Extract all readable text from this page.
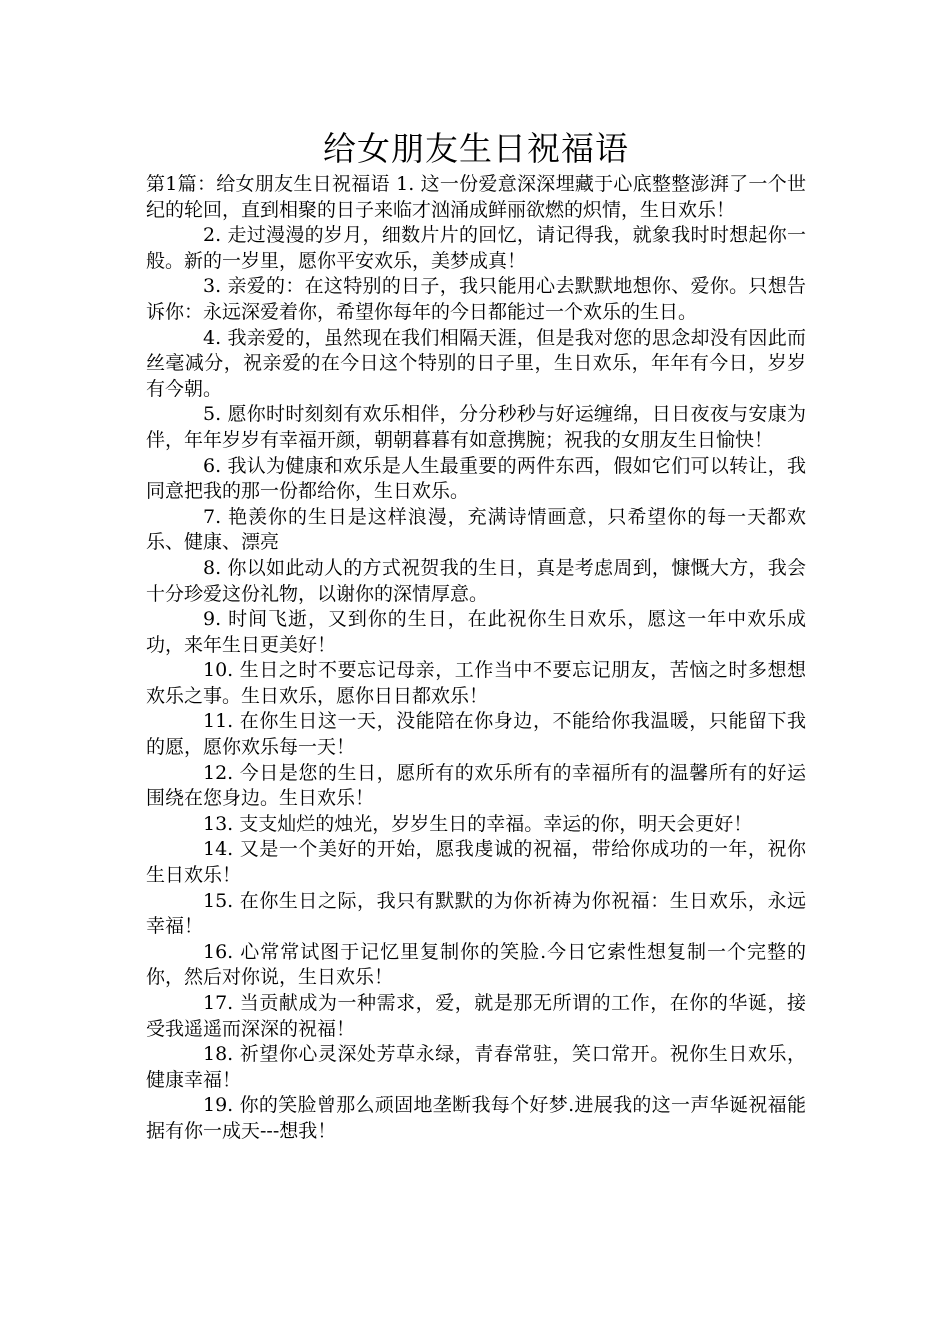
给女朋友生日祝福语

第1篇：给女朋友生日祝福语 1. 这一份爱意深深埋藏于心底整整澎湃了一个世纪的轮回，直到相聚的日子来临才汹涌成鲜丽欲燃的炽情，生日欢乐！

2. 走过漫漫的岁月，细数片片的回忆，请记得我，就象我时时想起你一般。新的一岁里，愿你平安欢乐，美梦成真！

3. 亲爱的：在这特别的日子，我只能用心去默默地想你、爱你。只想告诉你：永远深爱着你，希望你每年的今日都能过一个欢乐的生日。

4. 我亲爱的，虽然现在我们相隔天涯，但是我对您的思念却没有因此而丝毫减分，祝亲爱的在今日这个特别的日子里，生日欢乐，年年有今日，岁岁有今朝。

5. 愿你时时刻刻有欢乐相伴，分分秒秒与好运缠绵，日日夜夜与安康为伴，年年岁岁有幸福开颜，朝朝暮暮有如意携腕；祝我的女朋友生日愉快！

6. 我认为健康和欢乐是人生最重要的两件东西，假如它们可以转让，我同意把我的那一份都给你，生日欢乐。

7. 艳羡你的生日是这样浪漫，充满诗情画意，只希望你的每一天都欢乐、健康、漂亮

8. 你以如此动人的方式祝贺我的生日，真是考虑周到，慷慨大方，我会十分珍爱这份礼物，以谢你的深情厚意。

9. 时间飞逝，又到你的生日，在此祝你生日欢乐，愿这一年中欢乐成功，来年生日更美好！

10. 生日之时不要忘记母亲，工作当中不要忘记朋友，苦恼之时多想想欢乐之事。生日欢乐，愿你日日都欢乐！

11. 在你生日这一天，没能陪在你身边，不能给你我温暖，只能留下我的愿，愿你欢乐每一天！

12. 今日是您的生日，愿所有的欢乐所有的幸福所有的温馨所有的好运围绕在您身边。生日欢乐！

13. 支支灿烂的烛光，岁岁生日的幸福。幸运的你，明天会更好！

14. 又是一个美好的开始，愿我虔诚的祝福，带给你成功的一年，祝你生日欢乐！

15. 在你生日之际，我只有默默的为你祈祷为你祝福：生日欢乐，永远幸福！

16. 心常常试图于记忆里复制你的笑脸.今日它索性想复制一个完整的你，然后对你说，生日欢乐！

17. 当贡献成为一种需求，爱，就是那无所谓的工作，在你的华诞，接受我遥遥而深深的祝福！

18. 祈望你心灵深处芳草永绿，青春常驻，笑口常开。祝你生日欢乐，健康幸福！

19. 你的笑脸曾那么顽固地垄断我每个好梦.进展我的这一声华诞祝福能据有你一成天---想我！
